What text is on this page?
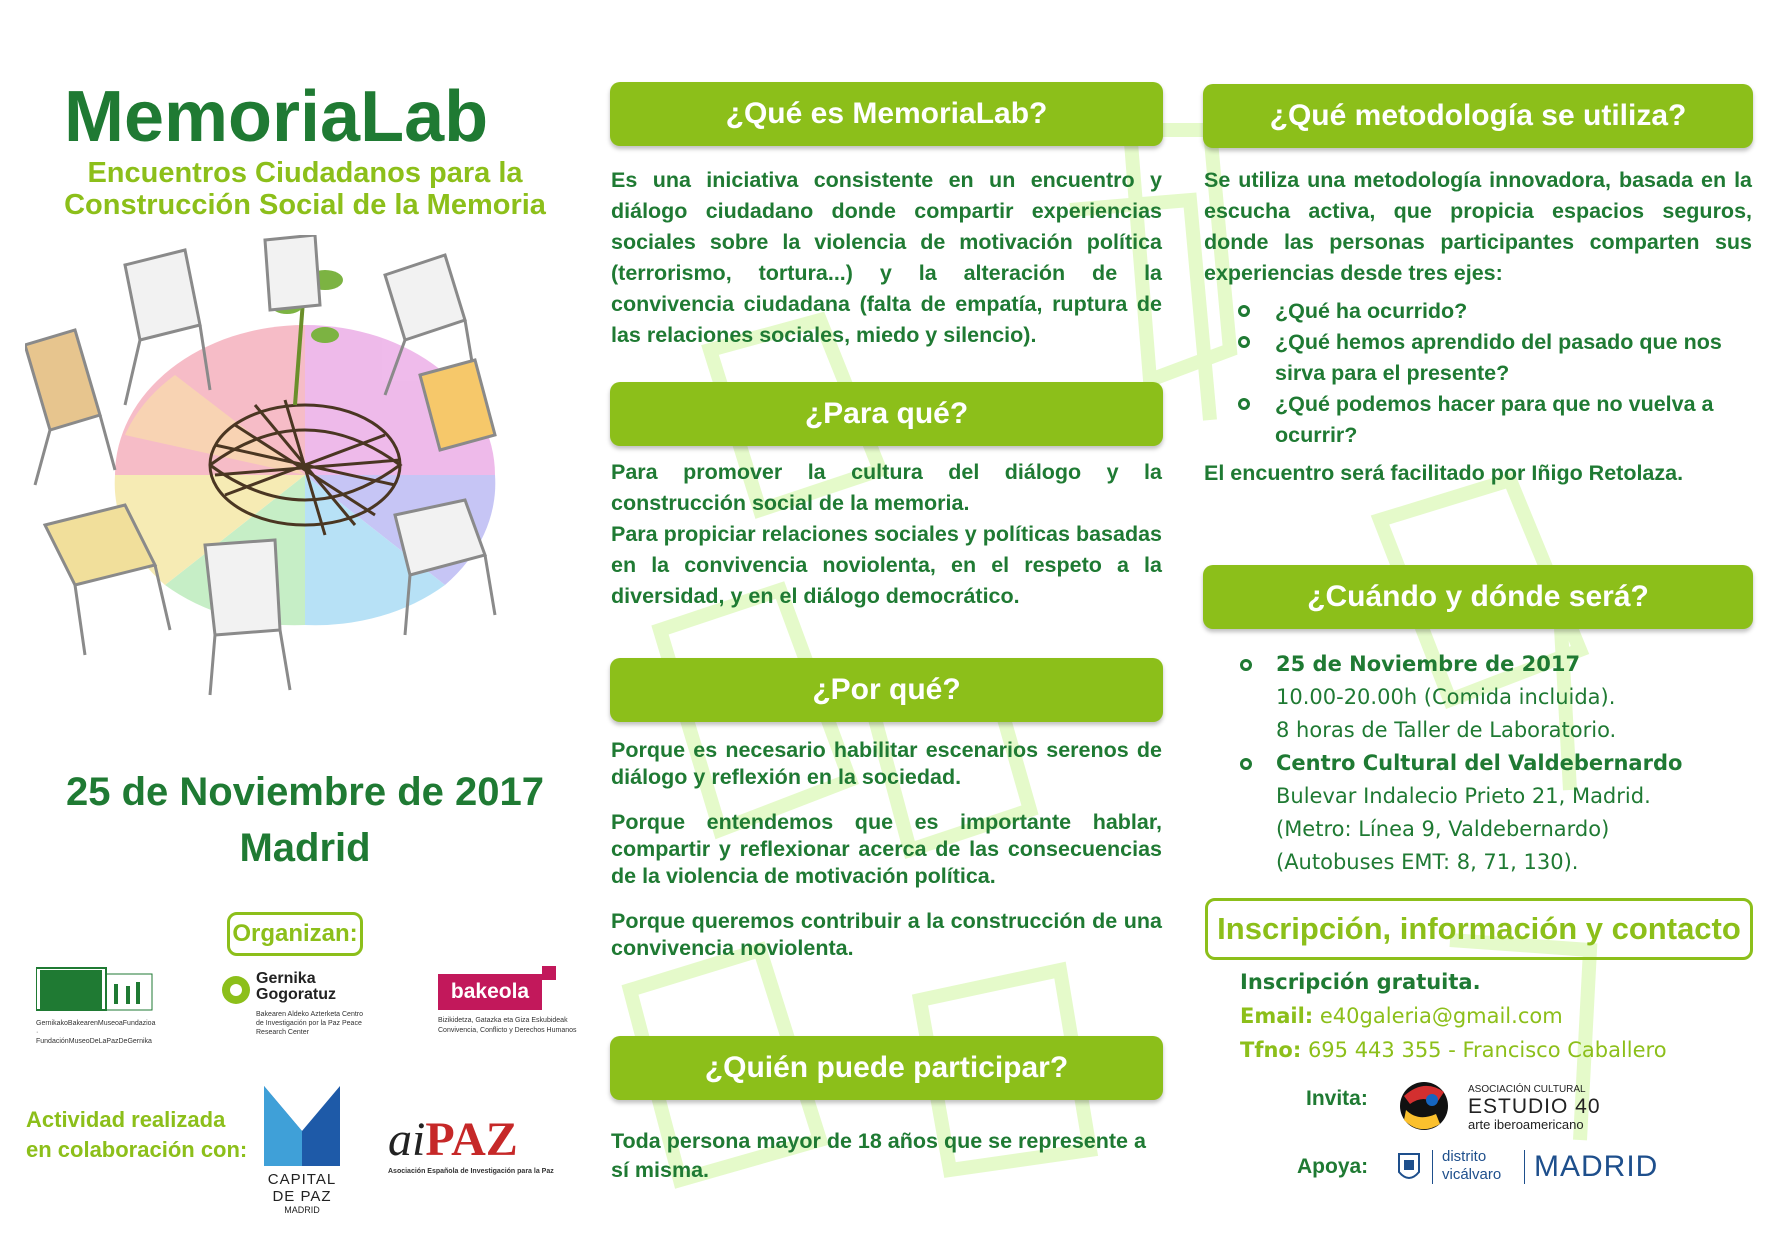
MemoriaLab
Encuentros Ciudadanos para la
Construcción Social de la Memoria
25 de Noviembre de 2017
Madrid
Organizan:
GernikakoBakearenMuseoaFundazioa · FundaciónMuseoDeLaPazDeGernika
Gernika
Gogoratuz
Bakearen Aldeko Azterketa Centro de Investigación por la Paz Peace Research Center
bakeola
Bizikidetza, Gatazka eta Giza Eskubideak
Convivencia, Conflicto y Derechos Humanos
Actividad realizada
en colaboración con:
CAPITAL
DE PAZ
MADRID
aiPAZ
Asociación Española de Investigación para la Paz
¿Qué es MemoriaLab?
Es una iniciativa consistente en un encuentro y diálogo ciudadano donde compartir experiencias sociales sobre la violencia de motivación política (terrorismo, tortura...) y la alteración de la convivencia ciudadana (falta de empatía, ruptura de las relaciones sociales, miedo y silencio).
¿Para qué?

Para promover la cultura del diálogo y la construcción social de la memoria.

Para propiciar relaciones sociales y políticas basadas en la convivencia noviolenta, en el respeto a la diversidad, y en el diálogo democrático.

¿Por qué?

Porque es necesario habilitar escenarios serenos de diálogo y reflexión en la sociedad.

Porque entendemos que es importante hablar, compartir y reflexionar acerca de las consecuencias de la violencia de motivación política.

Porque queremos contribuir a la construcción de una convivencia noviolenta.

¿Quién puede participar?
Toda persona mayor de 18 años que se represente a sí misma.
¿Qué metodología se utiliza?
Se utiliza una metodología innovadora, basada en la escucha activa, que propicia espacios seguros, donde las personas participantes comparten sus experiencias desde tres ejes:
¿Qué ha ocurrido?
¿Qué hemos aprendido del pasado que nos sirva para el presente?
¿Qué podemos hacer para que no vuelva a ocurrir?
El encuentro será facilitado por Iñigo Retolaza.
¿Cuándo y dónde será?
25 de Noviembre de 2017
10.00-20.00h (Comida incluida).
8 horas de Taller de Laboratorio.
Centro Cultural del Valdebernardo
Bulevar Indalecio Prieto 21, Madrid.
(Metro: Línea 9, Valdebernardo)
(Autobuses EMT: 8, 71, 130).
Inscripción, información y contacto
Inscripción gratuita.
Email: e40galeria@gmail.com
Tfno: 695 443 355 - Francisco Caballero
Invita:	ASOCIACIÓN CULTURAL
ESTUDIO 40
arte iberoamericano
Apoya:	distrito
vicálvaro MADRID
